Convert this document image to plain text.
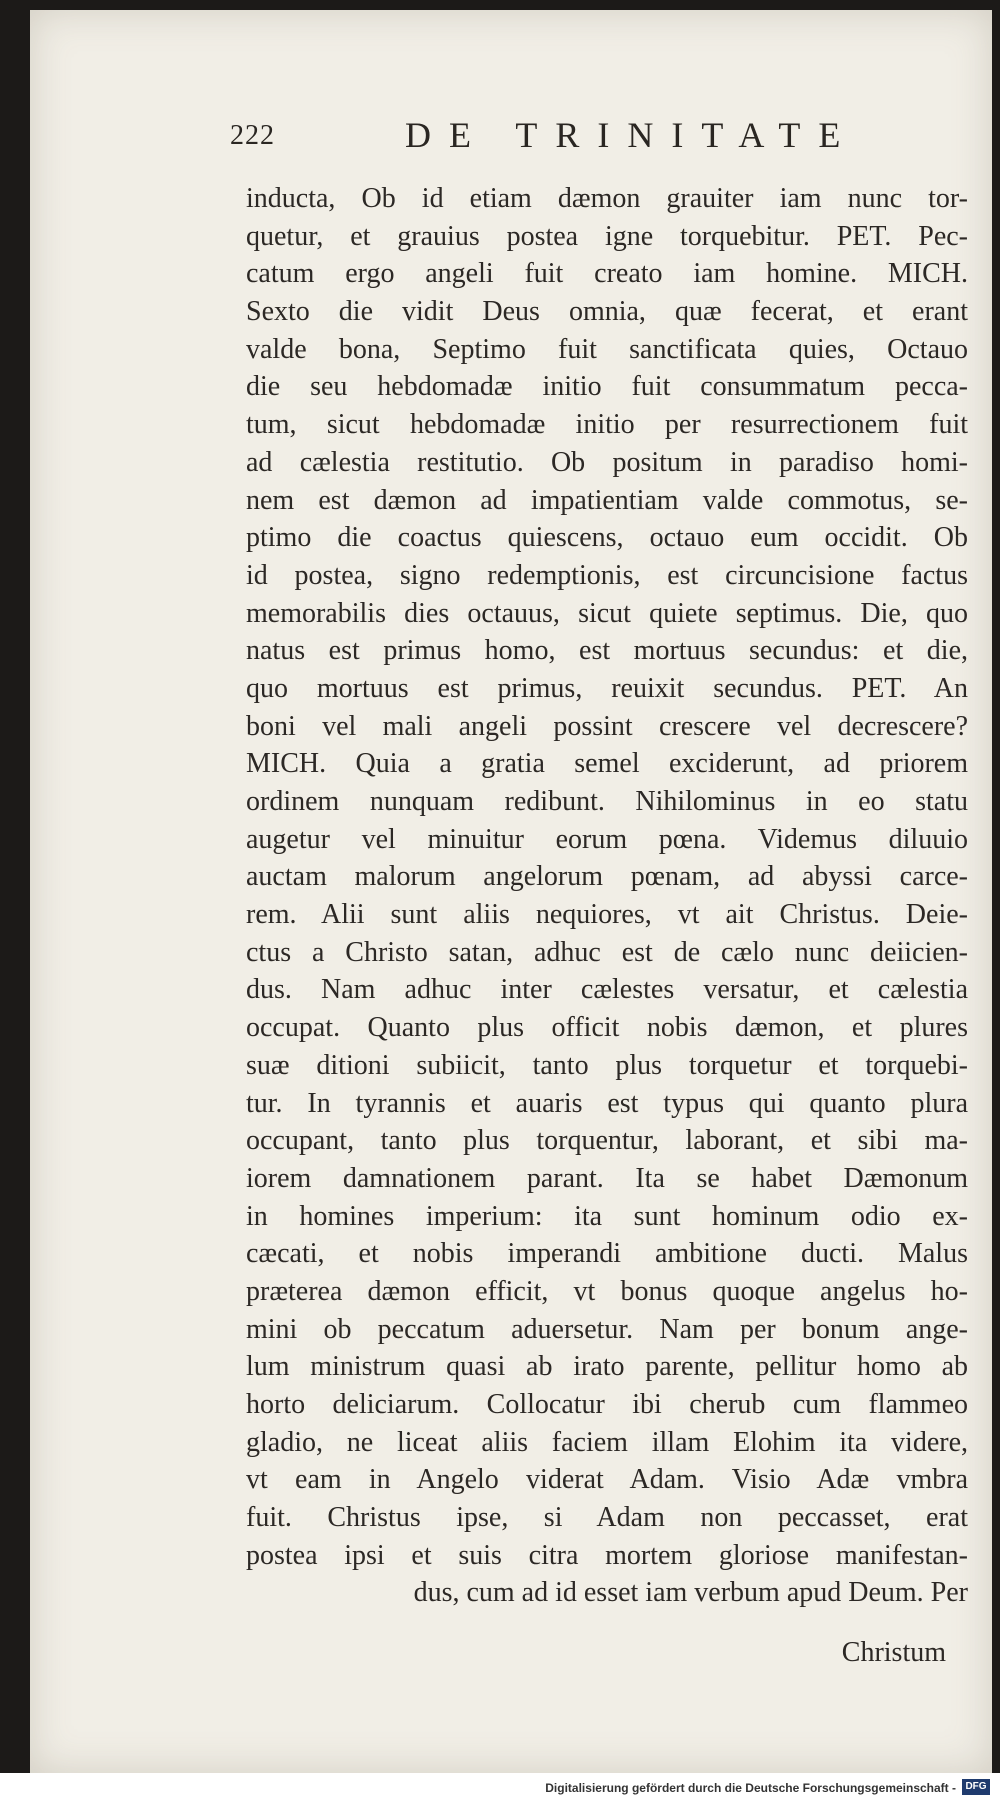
222	DE TRINITATE
inducta, Ob id etiam dæmon grauiter iam nunc tor-
quetur, et grauius postea igne torquebitur. PET. Pec-
catum ergo angeli fuit creato iam homine. MICH.
Sexto die vidit Deus omnia, quæ fecerat, et erant
valde bona, Septimo fuit sanctificata quies, Octauo
die seu hebdomadæ initio fuit consummatum pecca-
tum, sicut hebdomadæ initio per resurrectionem fuit
ad cælestia restitutio. Ob positum in paradiso homi-
nem est dæmon ad impatientiam valde commotus, se-
ptimo die coactus quiescens, octauo eum occidit. Ob
id postea, signo redemptionis, est circuncisione factus
memorabilis dies octauus, sicut quiete septimus. Die, quo
natus est primus homo, est mortuus secundus: et die,
quo mortuus est primus, reuixit secundus. PET. An
boni vel mali angeli possint crescere vel decrescere?
MICH. Quia a gratia semel exciderunt, ad priorem
ordinem nunquam redibunt. Nihilominus in eo statu
augetur vel minuitur eorum pœna. Videmus diluuio
auctam malorum angelorum pœnam, ad abyssi carce-
rem. Alii sunt aliis nequiores, vt ait Christus. Deie-
ctus a Christo satan, adhuc est de cælo nunc deiicien-
dus. Nam adhuc inter cælestes versatur, et cælestia
occupat. Quanto plus officit nobis dæmon, et plures
suæ ditioni subiicit, tanto plus torquetur et torquebi-
tur. In tyrannis et auaris est typus qui quanto plura
occupant, tanto plus torquentur, laborant, et sibi ma-
iorem damnationem parant. Ita se habet Dæmonum
in homines imperium: ita sunt hominum odio ex-
cæcati, et nobis imperandi ambitione ducti. Malus
præterea dæmon efficit, vt bonus quoque angelus ho-
mini ob peccatum aduersetur. Nam per bonum ange-
lum ministrum quasi ab irato parente, pellitur homo ab
horto deliciarum. Collocatur ibi cherub cum flammeo
gladio, ne liceat aliis faciem illam Elohim ita videre,
vt eam in Angelo viderat Adam. Visio Adæ vmbra
fuit. Christus ipse, si Adam non peccasset, erat
postea ipsi et suis citra mortem gloriose manifestan-
dus, cum ad id esset iam verbum apud Deum. Per
Christum
Digitalisierung gefördert durch die Deutsche Forschungsgemeinschaft - DFG
